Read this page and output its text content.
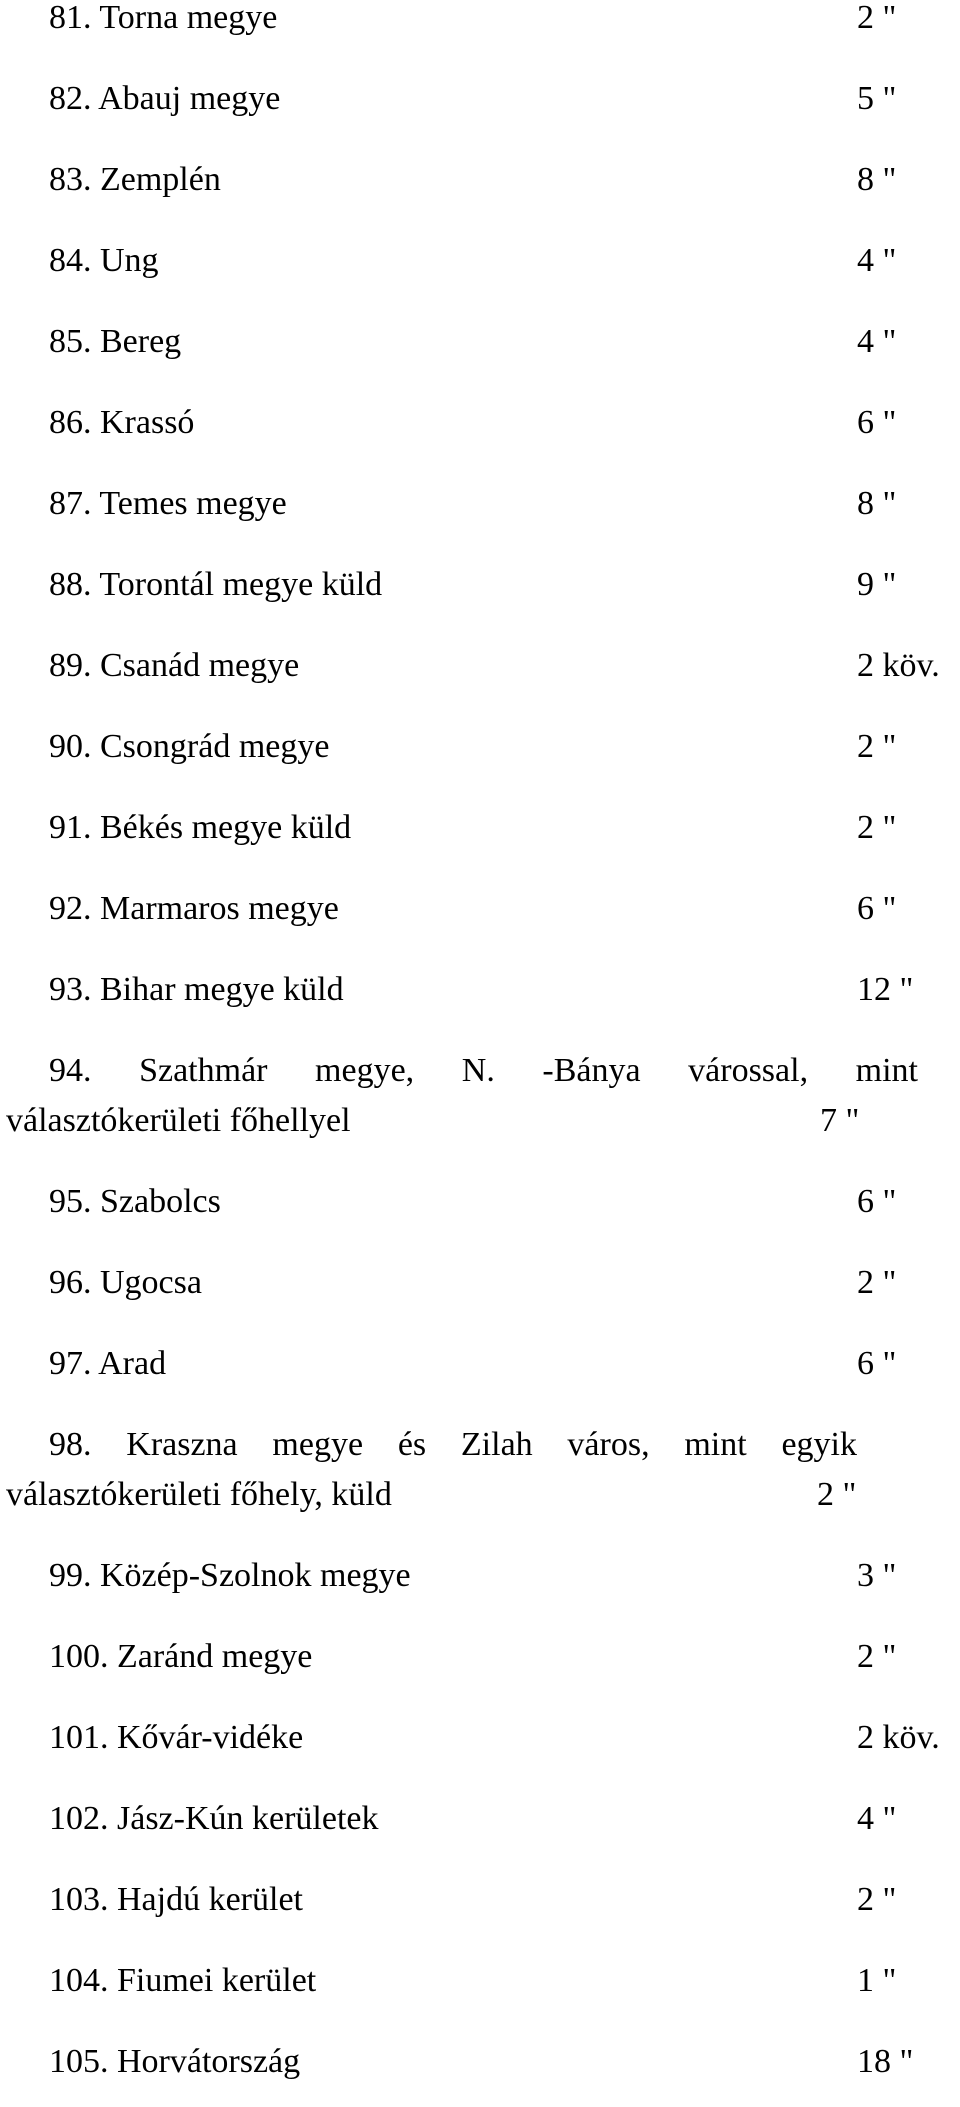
81. Torna megye	2 "
82. Abauj megye	5 "
83. Zemplén	8 "
84. Ung	4 "
85. Bereg	4 "
86. Krassó	6 "
87. Temes megye	8 "
88. Torontál megye küld	9 "
89. Csanád megye	2 köv.
90. Csongrád megye	2 "
91. Békés megye küld	2 "
92. Marmaros megye	6 "
93. Bihar megye küld	12 "
94. Szathmár megye, N. -Bánya várossal, mint
választókerületi főhellyel	7 "
95. Szabolcs	6 "
96. Ugocsa	2 "
97. Arad	6 "
98. Kraszna megye és Zilah város, mint egyik
választókerületi főhely, küld	2 "
99. Közép-Szolnok megye	3 "
100. Zaránd megye	2 "
101. Kővár-vidéke	2 köv.
102. Jász-Kún kerületek	4 "
103. Hajdú kerület	2 "
104. Fiumei kerület	1 "
105. Horvátország	18 "
